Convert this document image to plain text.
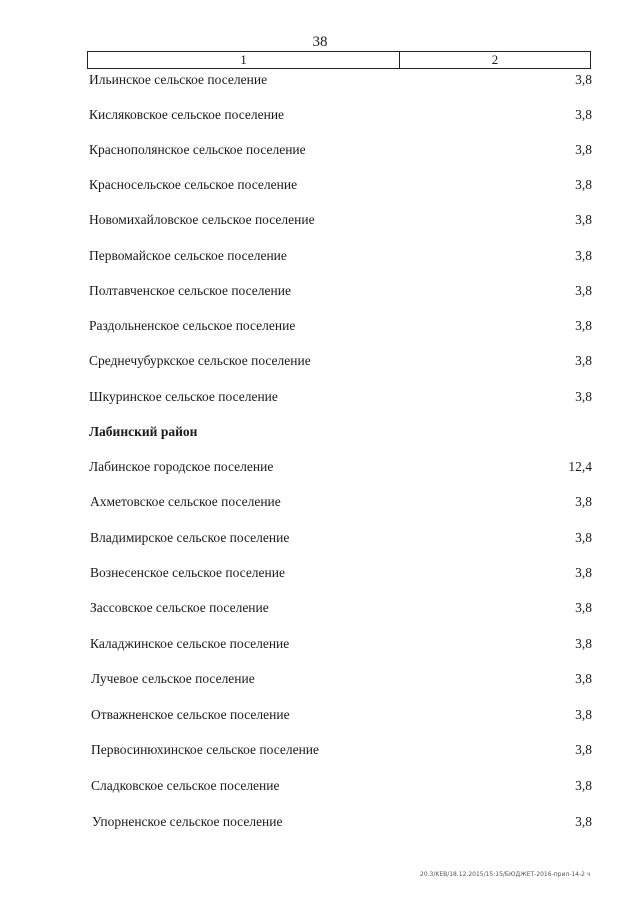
38
1	2
Ильинское сельское поселение	3,8
Кисляковское сельское поселение	3,8
Краснополянское сельское поселение	3,8
Красносельское сельское поселение	3,8
Новомихайловское сельское поселение	3,8
Первомайское сельское поселение	3,8
Полтавченское сельское поселение	3,8
Раздольненское сельское поселение	3,8
Среднечубуркское сельское поселение	3,8
Шкуринское сельское поселение	3,8
Лабинский район
Лабинское городское поселение	12,4
Ахметовское сельское поселение	3,8
Владимирское сельское поселение	3,8
Вознесенское сельское поселение	3,8
Зассовское сельское поселение	3,8
Каладжинское сельское поселение	3,8
Лучевое сельское поселение	3,8
Отважненское сельское поселение	3,8
Первосинюхинское сельское поселение	3,8
Сладковское сельское поселение	3,8
Упорненское сельское поселение	3,8
20.3/KEB/18.12.2015/15:15/БЮДЖЕТ-2016-прил-14-2 ч
